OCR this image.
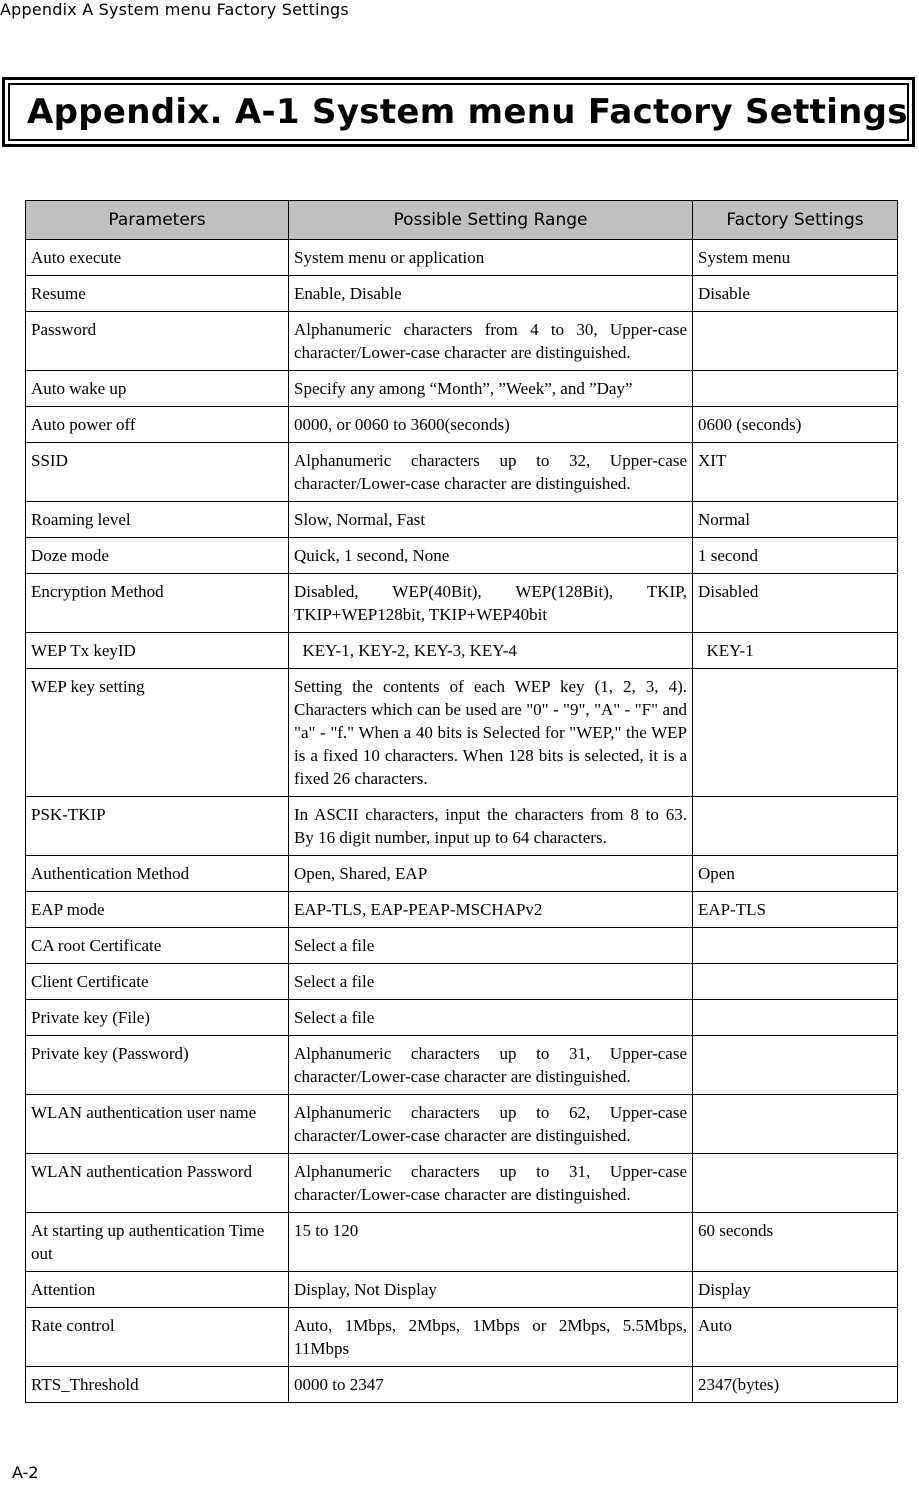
Appendix A System menu Factory Settings
Appendix. A-1 System menu Factory Settings
Parameters	Possible Setting Range	Factory Settings
Auto execute	System menu or application	System menu
Resume	Enable, Disable	Disable
Password	Alphanumeric characters from 4 to 30, Upper-case character/Lower-case character are distinguished.	
Auto wake up	Specify any among “Month”, ”Week”, and ”Day”	
Auto power off	0000, or 0060 to 3600(seconds)	0600 (seconds)
SSID	Alphanumeric characters up to 32, Upper-case character/Lower-case character are distinguished.	XIT
Roaming level	Slow, Normal, Fast	Normal
Doze mode	Quick, 1 second, None	1 second
Encryption Method	Disabled, WEP(40Bit), WEP(128Bit), TKIP, TKIP+WEP128bit, TKIP+WEP40bit	Disabled
WEP Tx keyID	KEY-1, KEY-2, KEY-3, KEY-4	KEY-1
WEP key setting	Setting the contents of each WEP key (1, 2, 3, 4). Characters which can be used are "0" - "9", "A" - "F" and "a" - "f." When a 40 bits is Selected for "WEP," the WEP is a fixed 10 characters. When 128 bits is selected, it is a fixed 26 characters.	
PSK-TKIP	In ASCII characters, input the characters from 8 to 63. By 16 digit number, input up to 64 characters.	
Authentication Method	Open, Shared, EAP	Open
EAP mode	EAP-TLS, EAP-PEAP-MSCHAPv2	EAP-TLS
CA root Certificate	Select a file	
Client Certificate	Select a file	
Private key (File)	Select a file	
Private key (Password)	Alphanumeric characters up to 31, Upper-case character/Lower-case character are distinguished.	
WLAN authentication user name	Alphanumeric characters up to 62, Upper-case character/Lower-case character are distinguished.	
WLAN authentication Password	Alphanumeric characters up to 31, Upper-case character/Lower-case character are distinguished.	
At starting up authentication Time out	15 to 120	60 seconds
Attention	Display, Not Display	Display
Rate control	Auto, 1Mbps, 2Mbps, 1Mbps or 2Mbps, 5.5Mbps, 11Mbps	Auto
RTS_Threshold	0000 to 2347	2347(bytes)
A-2
